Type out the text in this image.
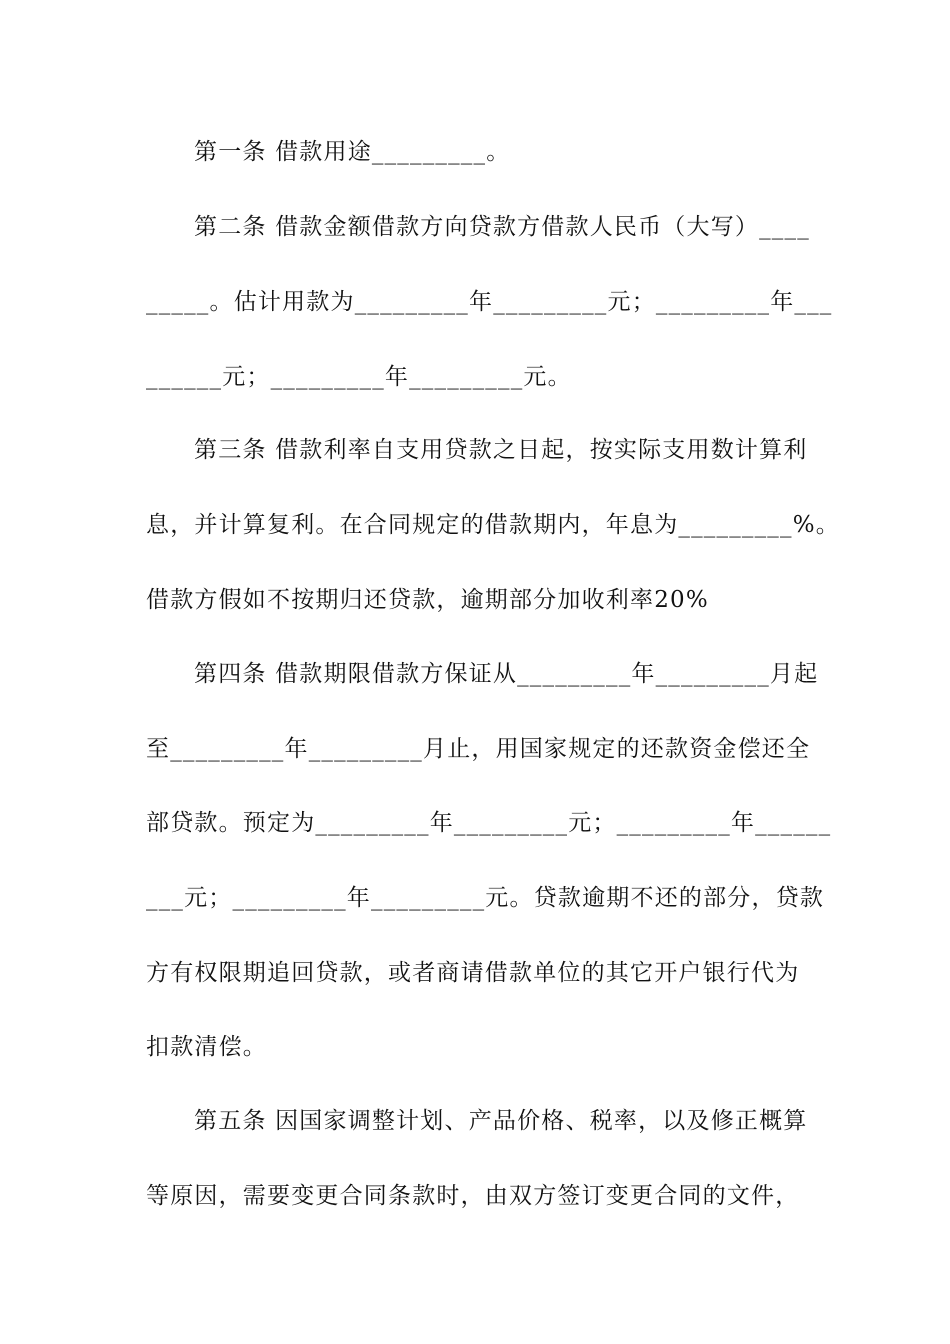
第一条 借款用途_________。
第二条 借款金额借款方向贷款方借款人民币（大写）____
_____。估计用款为_________年_________元；_________年___
______元；_________年_________元。
第三条 借款利率自支用贷款之日起，按实际支用数计算利
息，并计算复利。在合同规定的借款期内，年息为_________%。
借款方假如不按期归还贷款，逾期部分加收利率20%
第四条 借款期限借款方保证从_________年_________月起
至_________年_________月止，用国家规定的还款资金偿还全
部贷款。预定为_________年_________元；_________年______
___元；_________年_________元。贷款逾期不还的部分，贷款
方有权限期追回贷款，或者商请借款单位的其它开户银行代为
扣款清偿。
第五条 因国家调整计划、产品价格、税率，以及修正概算
等原因，需要变更合同条款时，由双方签订变更合同的文件，
